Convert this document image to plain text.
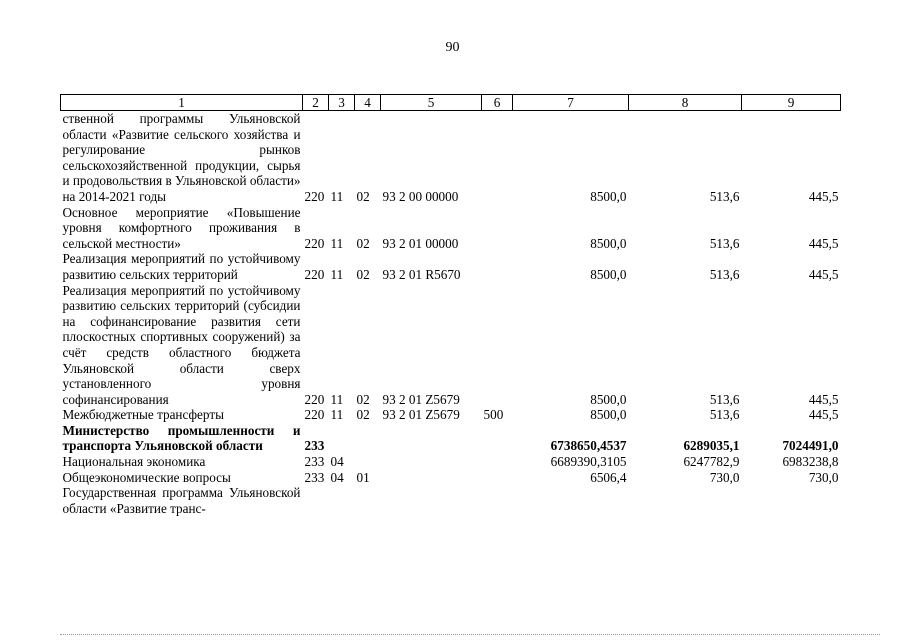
90
1	2	3	4	5	6	7	8	9
ственной программы Ульяновской области «Развитие сельского хозяйства и регулирование рынков сельскохозяйственной продукции, сырья и продовольствия в Ульяновской области» на 2014-2021 годы	220	11	02	93 2 00 00000		8500,0	513,6	445,5
Основное мероприятие «Повышение уровня комфортного проживания в сельской местности»	220	11	02	93 2 01 00000		8500,0	513,6	445,5
Реализация мероприятий по устойчивому развитию сельских территорий	220	11	02	93 2 01 R5670		8500,0	513,6	445,5
Реализация мероприятий по устойчивому развитию сельских территорий (субсидии на софинансирование развития сети плоскостных спортивных сооружений) за счёт средств областного бюджета Ульяновской области сверх установленного уровня софинансирования	220	11	02	93 2 01 Z5679		8500,0	513,6	445,5
Межбюджетные трансферты	220	11	02	93 2 01 Z5679	500	8500,0	513,6	445,5
Министерство промышленности и транспорта Ульяновской области	233					6738650,4537	6289035,1	7024491,0
Национальная экономика	233	04				6689390,3105	6247782,9	6983238,8
Общеэкономические вопросы	233	04	01			6506,4	730,0	730,0
Государственная программа Ульяновской области «Развитие транс-								
